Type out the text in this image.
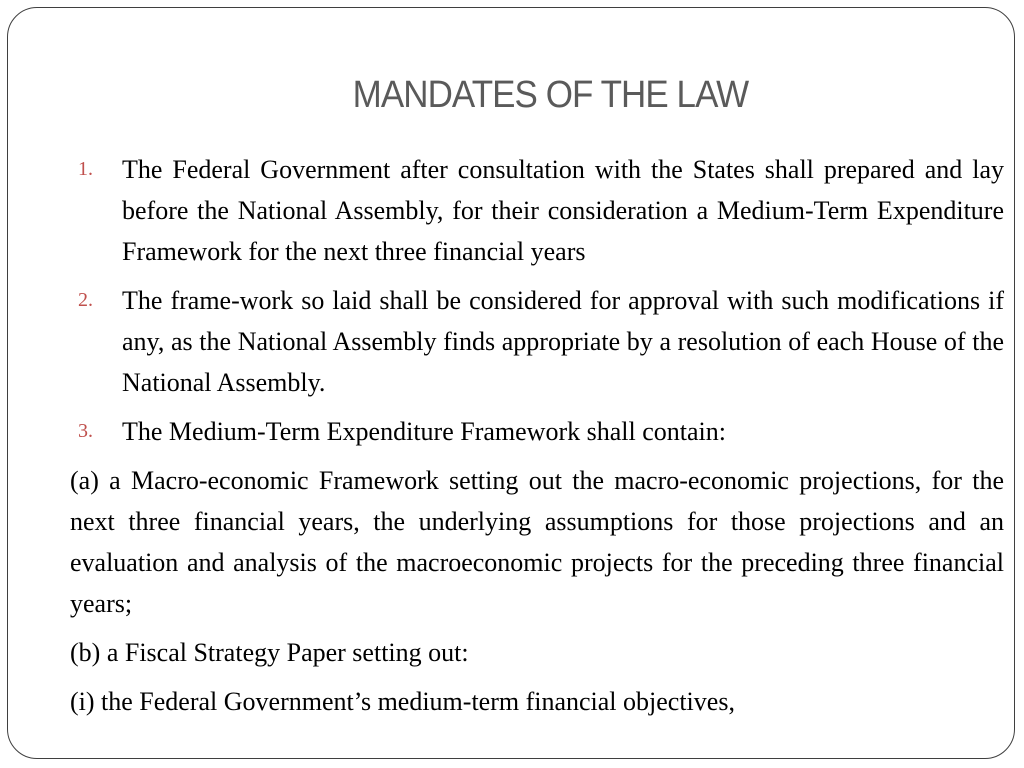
MANDATES OF THE LAW
1. The Federal Government after consultation with the States shall prepared and lay before the National Assembly, for their consideration a Medium-Term Expenditure Framework for the next three financial years
2. The frame-work so laid shall be considered for approval with such modifications if any, as the National Assembly finds appropriate by a resolution of each House of the National Assembly.
3. The Medium-Term Expenditure Framework shall contain:
(a) a Macro-economic Framework setting out the macro-economic projections, for the next three financial years, the underlying assumptions for those projections and an evaluation and analysis of the macroeconomic projects for the preceding three financial years;
(b) a Fiscal Strategy Paper setting out:
(i) the Federal Government’s medium-term financial objectives,
